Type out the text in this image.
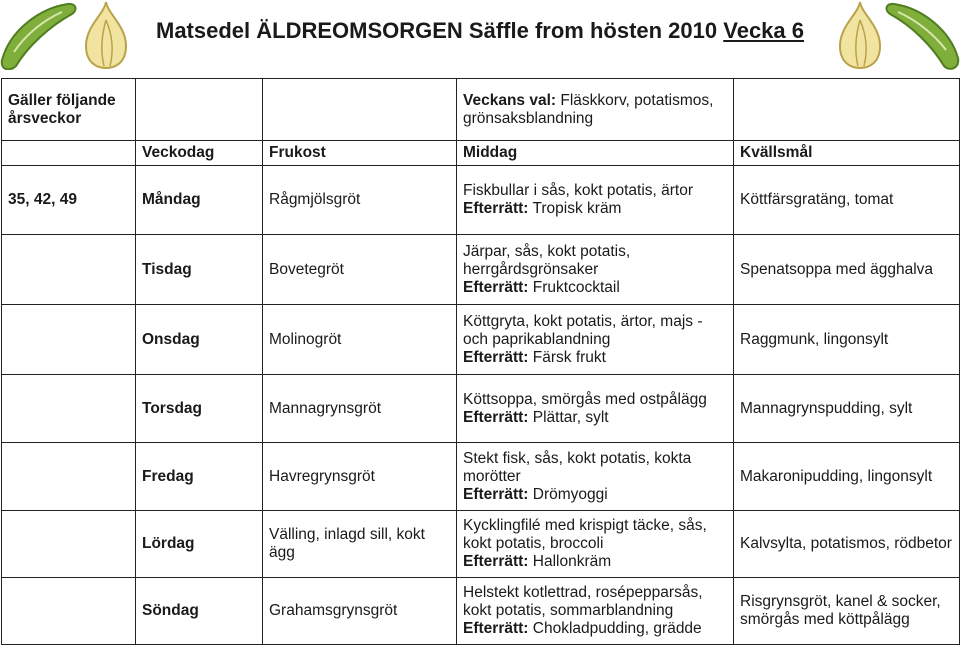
Matsedel ÄLDREOMSORGEN Säffle from hösten 2010 Vecka 6
Gäller följande årsveckor			Veckans val: Fläskkorv, potatismos, grönsaksblandning	
	Veckodag	Frukost	Middag	Kvällsmål
35, 42, 49	Måndag	Rågmjölsgröt	Fiskbullar i sås, kokt potatis, ärtor
Efterrätt: Tropisk kräm	Köttfärsgratäng, tomat
	Tisdag	Bovetegröt	Järpar, sås, kokt potatis, herrgårdsgrönsaker
Efterrätt: Fruktcocktail	Spenatsoppa med ägghalva
	Onsdag	Molinogröt	Köttgryta, kokt potatis, ärtor, majs - och paprikablandning
Efterrätt: Färsk frukt	Raggmunk, lingonsylt
	Torsdag	Mannagrynsgröt	Köttsoppa, smörgås med ostpålägg
Efterrätt: Plättar, sylt	Mannagrynspudding, sylt
	Fredag	Havregrynsgröt	Stekt fisk, sås, kokt potatis, kokta morötter
Efterrätt: Drömyoggi	Makaronipudding, lingonsylt
	Lördag	Välling, inlagd sill, kokt ägg	Kycklingfilé med krispigt täcke, sås, kokt potatis, broccoli
Efterrätt: Hallonkräm	Kalvsylta, potatismos, rödbetor
	Söndag	Grahamsgrynsgröt	Helstekt kotlettrad, rosépepparsås, kokt potatis, sommarblandning
Efterrätt: Chokladpudding, grädde	Risgrynsgröt, kanel & socker, smörgås med köttpålägg
